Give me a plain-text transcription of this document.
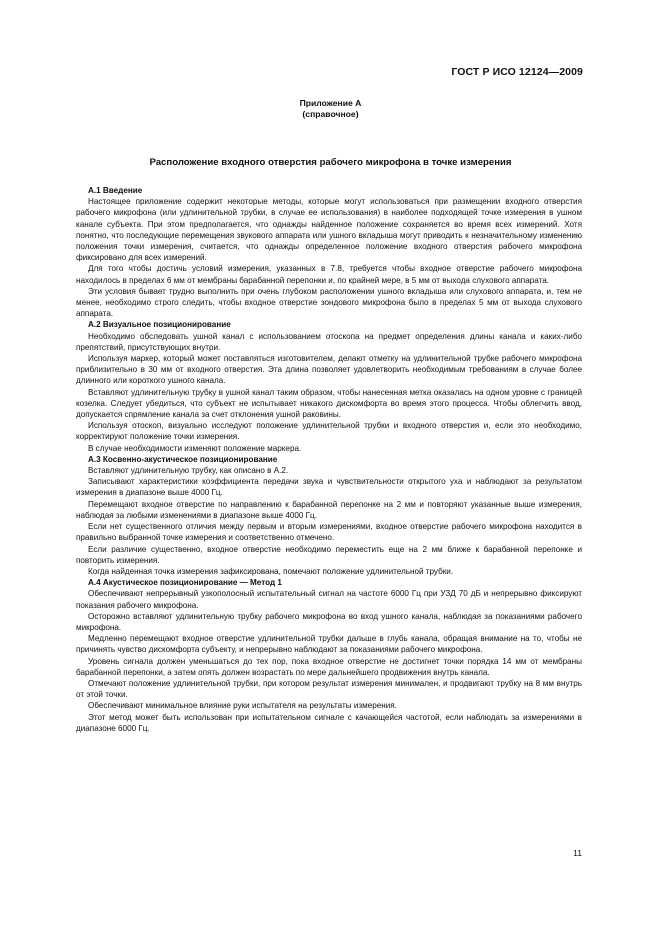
ГОСТ Р ИСО 12124—2009
Приложение А
(справочное)
Расположение входного отверстия рабочего микрофона в точке измерения
А.1 Введение

Настоящее приложение содержит некоторые методы, которые могут использоваться при размещении входного отверстия рабочего микрофона (или удлинительной трубки, в случае ее использования) в наиболее подходящей точке измерения в ушном канале субъекта. При этом предполагается, что однажды найденное положение сохраняется во время всех измерений. Хотя понятно, что последующие перемещения звукового аппарата или ушного вкладыша могут приводить к незначительному изменению положения точки измерения, считается, что однажды определенное положение входного отверстия рабочего микрофона фиксировано для всех измерений.

Для того чтобы достичь условий измерения, указанных в 7.8, требуется чтобы входное отверстие рабочего микрофона находилось в пределах 6 мм от мембраны барабанной перепонки и, по крайней мере, в 5 мм от выхода слухового аппарата.

Эти условия бывает трудно выполнить при очень глубоком расположении ушного вкладыша или слухового аппарата, и, тем не менее, необходимо строго следить, чтобы входное отверстие зондового микрофона было в пределах 5 мм от выхода слухового аппарата.

А.2 Визуальное позиционирование

Необходимо обследовать ушной канал с использованием отоскопа на предмет определения длины канала и каких-либо препятствий, присутствующих внутри.

Используя маркер, который может поставляться изготовителем, делают отметку на удлинительной трубке рабочего микрофона приблизительно в 30 мм от входного отверстия. Эта длина позволяет удовлетворить необходимым требованиям в случае более длинного или короткого ушного канала.

Вставляют удлинительную трубку в ушной канал таким образом, чтобы нанесенная метка оказалась на одном уровне с границей козелка. Следует убедиться, что субъект не испытывает никакого дискомфорта во время этого процесса. Чтобы облегчить ввод, допускается спрямление канала за счет отклонения ушной раковины.

Используя отоскоп, визуально исследуют положение удлинительной трубки и входного отверстия и, если это необходимо, корректируют положение точки измерения.

В случае необходимости изменяют положение маркера.

А.3 Косвенно-акустическое позиционирование

Вставляют удлинительную трубку, как описано в А.2.

Записывают характеристики коэффициента передачи звука и чувствительности открытого уха и наблюдают за результатом измерения в диапазоне выше 4000 Гц.

Перемещают входное отверстие по направлению к барабанной перепонке на 2 мм и повторяют указанные выше измерения, наблюдая за любыми изменениями в диапазоне выше 4000 Гц.

Если нет существенного отличия между первым и вторым измерениями, входное отверстие рабочего микрофона находится в правильно выбранной точке измерения и соответственно отмечено.

Если различие существенно, входное отверстие необходимо переместить еще на 2 мм ближе к барабанной перепонке и повторить измерения.

Когда найденная точка измерения зафиксирована, помечают положение удлинительной трубки.

А.4 Акустическое позиционирование — Метод 1

Обеспечивают непрерывный узкополосный испытательный сигнал на частоте 6000 Гц при УЗД 70 дБ и непрерывно фиксируют показания рабочего микрофона.

Осторожно вставляют удлинительную трубку рабочего микрофона во вход ушного канала, наблюдая за показаниями рабочего микрофона.

Медленно перемещают входное отверстие удлинительной трубки дальше в глубь канала, обращая внимание на то, чтобы не причинять чувство дискомфорта субъекту, и непрерывно наблюдают за показаниями рабочего микрофона.

Уровень сигнала должен уменьшаться до тех пор, пока входное отверстие не достигнет точки порядка 14 мм от мембраны барабанной перепонки, а затем опять должен возрастать по мере дальнейшего продвижения внутрь канала.

Отмечают положение удлинительной трубки, при котором результат измерения минимален, и продвигают трубку на 8 мм внутрь от этой точки.

Обеспечивают минимальное влияние руки испытателя на результаты измерения.

Этот метод может быть использован при испытательном сигнале с качающейся частотой, если наблюдать за измерениями в диапазоне 6000 Гц.

11
